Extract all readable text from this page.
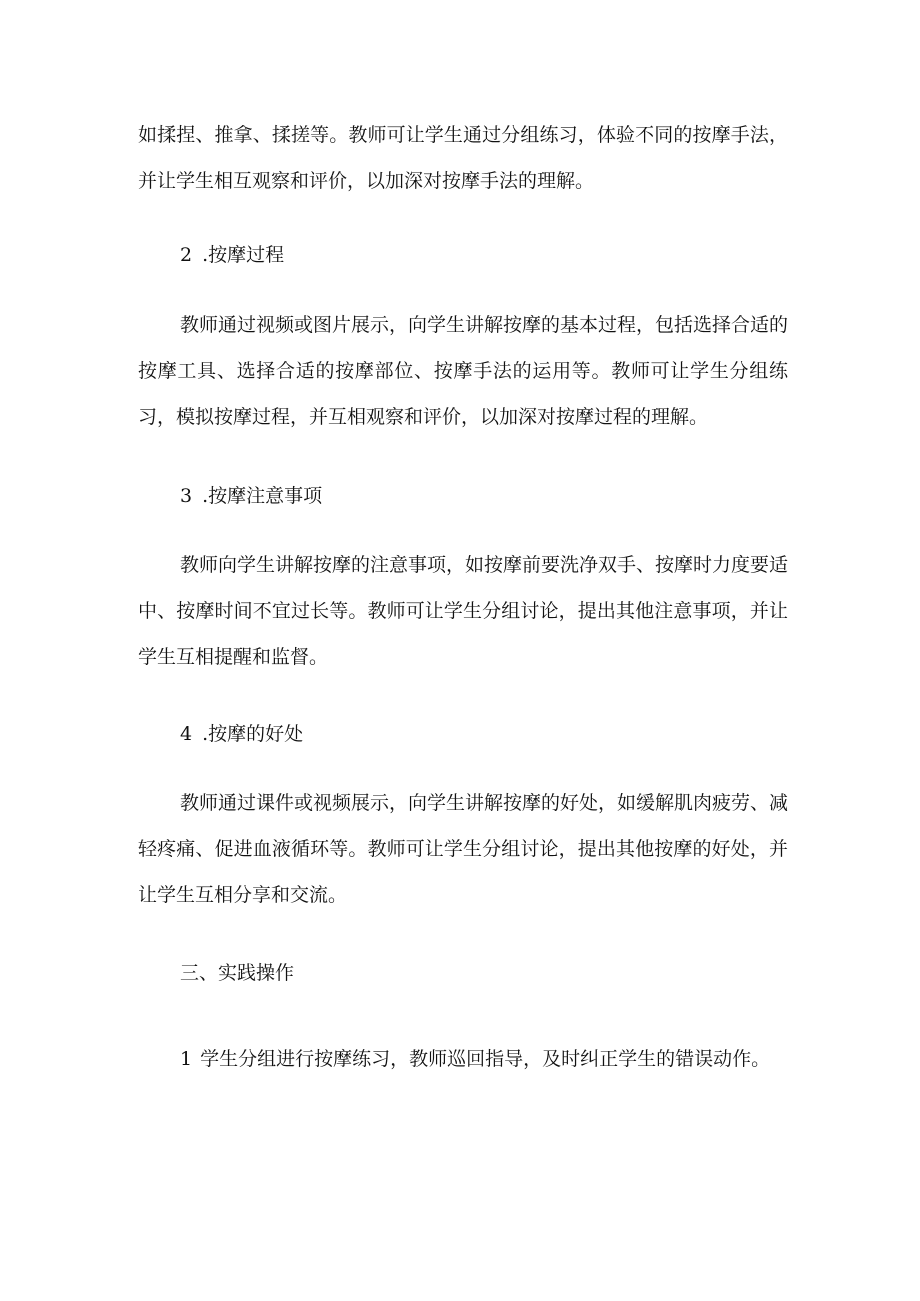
如揉捏、推拿、揉搓等。教师可让学生通过分组练习，体验不同的按摩手法，并让学生相互观察和评价，以加深对按摩手法的理解。

2 .按摩过程

教师通过视频或图片展示，向学生讲解按摩的基本过程，包括选择合适的按摩工具、选择合适的按摩部位、按摩手法的运用等。教师可让学生分组练习，模拟按摩过程，并互相观察和评价，以加深对按摩过程的理解。

3 .按摩注意事项

教师向学生讲解按摩的注意事项，如按摩前要洗净双手、按摩时力度要适中、按摩时间不宜过长等。教师可让学生分组讨论，提出其他注意事项，并让学生互相提醒和监督。

4 .按摩的好处

教师通过课件或视频展示，向学生讲解按摩的好处，如缓解肌肉疲劳、减轻疼痛、促进血液循环等。教师可让学生分组讨论，提出其他按摩的好处，并让学生互相分享和交流。

三、实践操作

1 学生分组进行按摩练习，教师巡回指导，及时纠正学生的错误动作。
